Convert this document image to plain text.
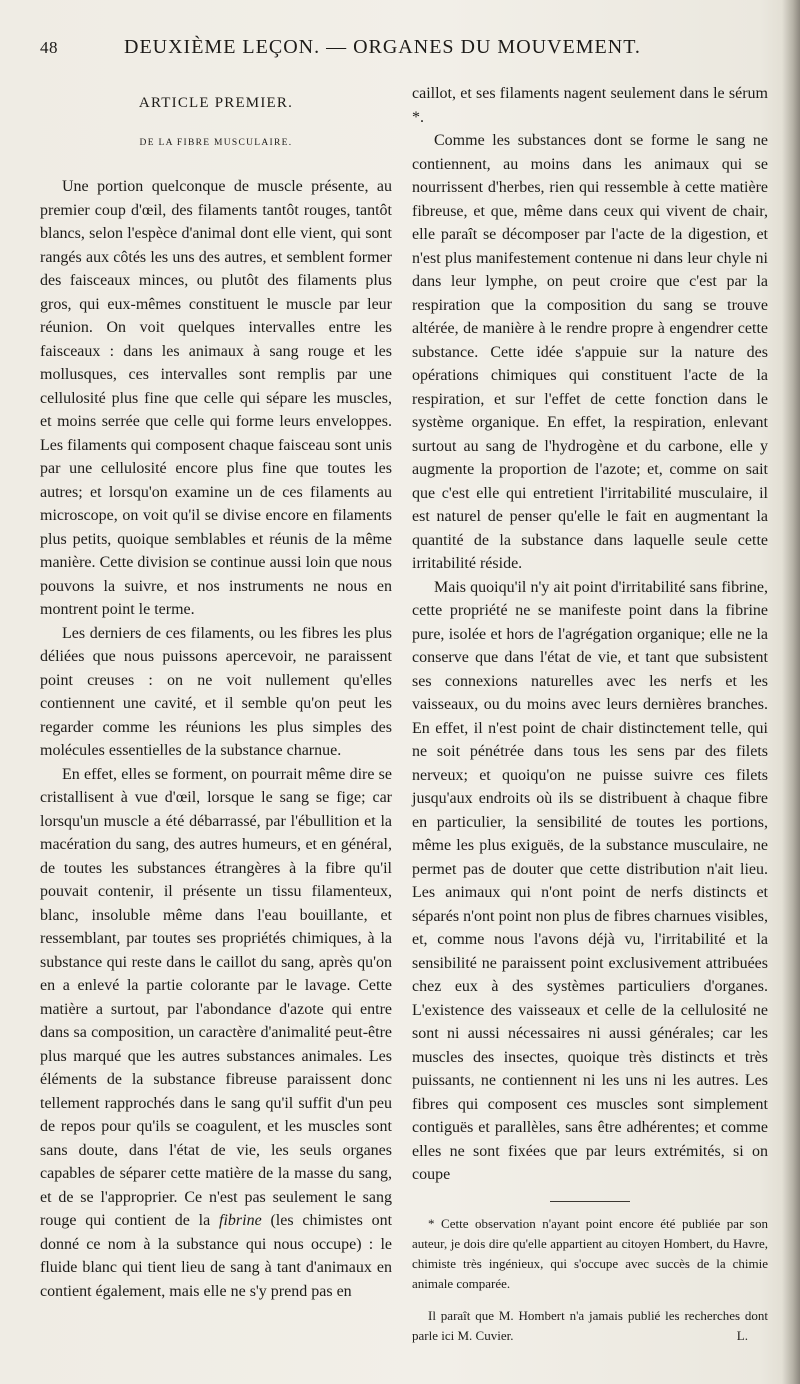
48	DEUXIÈME LEÇON. — ORGANES DU MOUVEMENT.
ARTICLE PREMIER.
DE LA FIBRE MUSCULAIRE.

Une portion quelconque de muscle présente, au premier coup d'œil, des filaments tantôt rouges, tantôt blancs, selon l'espèce d'animal dont elle vient, qui sont rangés aux côtés les uns des autres, et semblent former des faisceaux minces, ou plutôt des filaments plus gros, qui eux-mêmes constituent le muscle par leur réunion. On voit quelques intervalles entre les faisceaux : dans les animaux à sang rouge et les mollusques, ces intervalles sont remplis par une cellulosité plus fine que celle qui sépare les muscles, et moins serrée que celle qui forme leurs enveloppes. Les filaments qui composent chaque faisceau sont unis par une cellulosité encore plus fine que toutes les autres; et lorsqu'on examine un de ces filaments au microscope, on voit qu'il se divise encore en filaments plus petits, quoique semblables et réunis de la même manière. Cette division se continue aussi loin que nous pouvons la suivre, et nos instruments ne nous en montrent point le terme.

Les derniers de ces filaments, ou les fibres les plus déliées que nous puissons apercevoir, ne paraissent point creuses : on ne voit nullement qu'elles contiennent une cavité, et il semble qu'on peut les regarder comme les réunions les plus simples des molécules essentielles de la substance charnue.

En effet, elles se forment, on pourrait même dire se cristallisent à vue d'œil, lorsque le sang se fige; car lorsqu'un muscle a été débarrassé, par l'ébullition et la macération du sang, des autres humeurs, et en général, de toutes les substances étrangères à la fibre qu'il pouvait contenir, il présente un tissu filamenteux, blanc, insoluble même dans l'eau bouillante, et ressemblant, par toutes ses propriétés chimiques, à la substance qui reste dans le caillot du sang, après qu'on en a enlevé la partie colorante par le lavage. Cette matière a surtout, par l'abondance d'azote qui entre dans sa composition, un caractère d'animalité peut-être plus marqué que les autres substances animales. Les éléments de la substance fibreuse paraissent donc tellement rapprochés dans le sang qu'il suffit d'un peu de repos pour qu'ils se coagulent, et les muscles sont sans doute, dans l'état de vie, les seuls organes capables de séparer cette matière de la masse du sang, et de se l'approprier. Ce n'est pas seulement le sang rouge qui contient de la fibrine (les chimistes ont donné ce nom à la substance qui nous occupe) : le fluide blanc qui tient lieu de sang à tant d'animaux en contient également, mais elle ne s'y prend pas en

caillot, et ses filaments nagent seulement dans le sérum *.

Comme les substances dont se forme le sang ne contiennent, au moins dans les animaux qui se nourrissent d'herbes, rien qui ressemble à cette matière fibreuse, et que, même dans ceux qui vivent de chair, elle paraît se décomposer par l'acte de la digestion, et n'est plus manifestement contenue ni dans leur chyle ni dans leur lymphe, on peut croire que c'est par la respiration que la composition du sang se trouve altérée, de manière à le rendre propre à engendrer cette substance. Cette idée s'appuie sur la nature des opérations chimiques qui constituent l'acte de la respiration, et sur l'effet de cette fonction dans le système organique. En effet, la respiration, enlevant surtout au sang de l'hydrogène et du carbone, elle y augmente la proportion de l'azote; et, comme on sait que c'est elle qui entretient l'irritabilité musculaire, il est naturel de penser qu'elle le fait en augmentant la quantité de la substance dans laquelle seule cette irritabilité réside.

Mais quoiqu'il n'y ait point d'irritabilité sans fibrine, cette propriété ne se manifeste point dans la fibrine pure, isolée et hors de l'agrégation organique; elle ne la conserve que dans l'état de vie, et tant que subsistent ses connexions naturelles avec les nerfs et les vaisseaux, ou du moins avec leurs dernières branches. En effet, il n'est point de chair distinctement telle, qui ne soit pénétrée dans tous les sens par des filets nerveux; et quoiqu'on ne puisse suivre ces filets jusqu'aux endroits où ils se distribuent à chaque fibre en particulier, la sensibilité de toutes les portions, même les plus exiguës, de la substance musculaire, ne permet pas de douter que cette distribution n'ait lieu. Les animaux qui n'ont point de nerfs distincts et séparés n'ont point non plus de fibres charnues visibles, et, comme nous l'avons déjà vu, l'irritabilité et la sensibilité ne paraissent point exclusivement attribuées chez eux à des systèmes particuliers d'organes. L'existence des vaisseaux et celle de la cellulosité ne sont ni aussi nécessaires ni aussi générales; car les muscles des insectes, quoique très distincts et très puissants, ne contiennent ni les uns ni les autres. Les fibres qui composent ces muscles sont simplement contiguës et parallèles, sans être adhérentes; et comme elles ne sont fixées que par leurs extrémités, si on coupe

* Cette observation n'ayant point encore été publiée par son auteur, je dois dire qu'elle appartient au citoyen Hombert, du Havre, chimiste très ingénieux, qui s'occupe avec succès de la chimie animale comparée.

Il paraît que M. Hombert n'a jamais publié les recherches dont parle ici M. Cuvier.	L.
